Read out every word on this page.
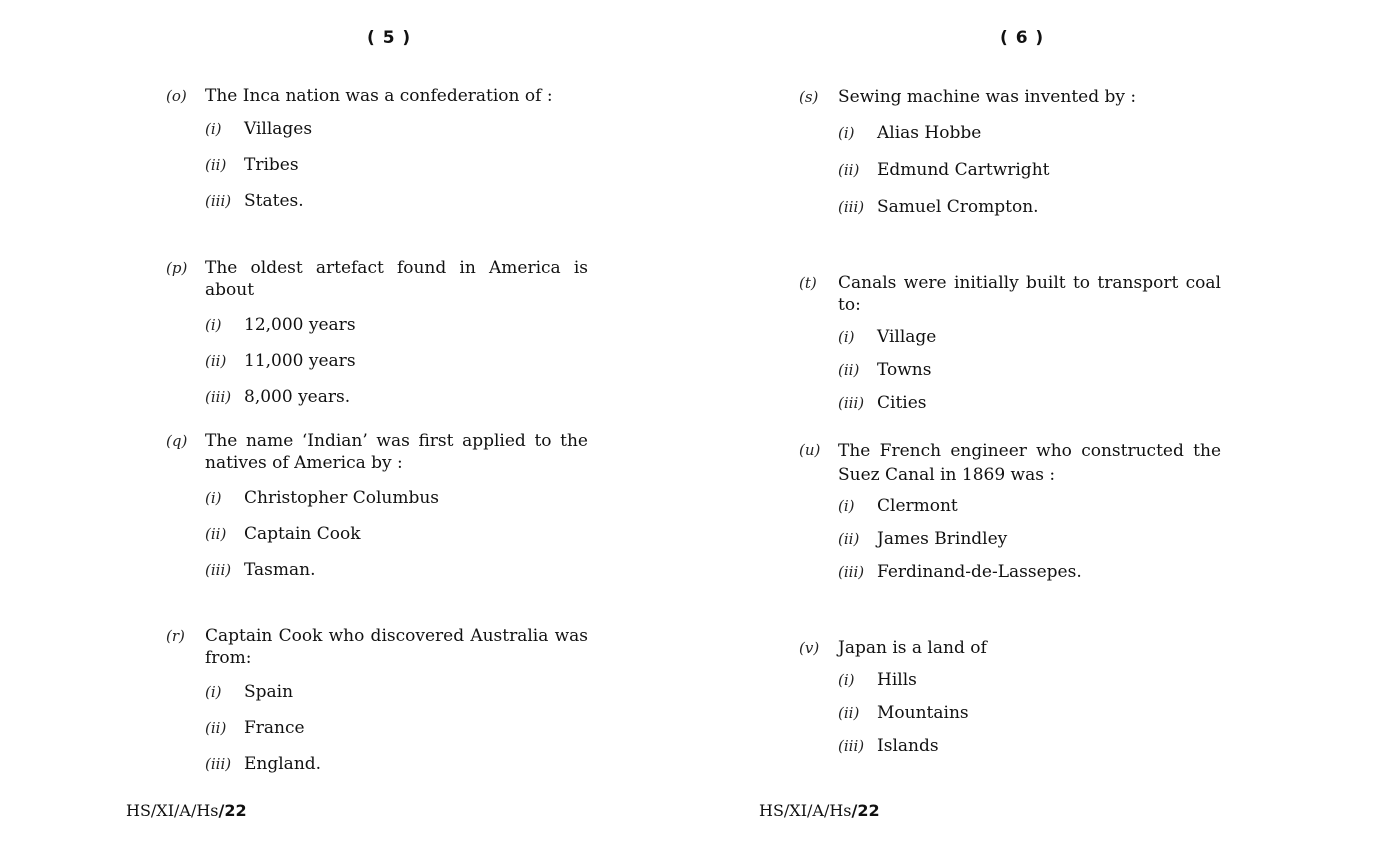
( 5 )
(o) The Inca nation was a confederation of :
(i) Villages
(ii) Tribes
(iii) States.
(p) The oldest artefact found in America is about
(i) 12,000 years
(ii) 11,000 years
(iii) 8,000 years.
(q) The name ‘Indian’ was first applied to the natives of America by :
(i) Christopher Columbus
(ii) Captain Cook
(iii) Tasman.
(r) Captain Cook who discovered Australia was from:
(i) Spain
(ii) France
(iii) England.
HS/XI/A/Hs/22
( 6 )
(s) Sewing machine was invented by :
(i) Alias Hobbe
(ii) Edmund Cartwright
(iii) Samuel Crompton.
(t) Canals were initially built to transport coal to:
(i) Village
(ii) Towns
(iii) Cities
(u) The French engineer who constructed the Suez Canal in 1869 was :
(i) Clermont
(ii) James Brindley
(iii) Ferdinand-de-Lassepes.
(v) Japan is a land of
(i) Hills
(ii) Mountains
(iii) Islands
HS/XI/A/Hs/22
